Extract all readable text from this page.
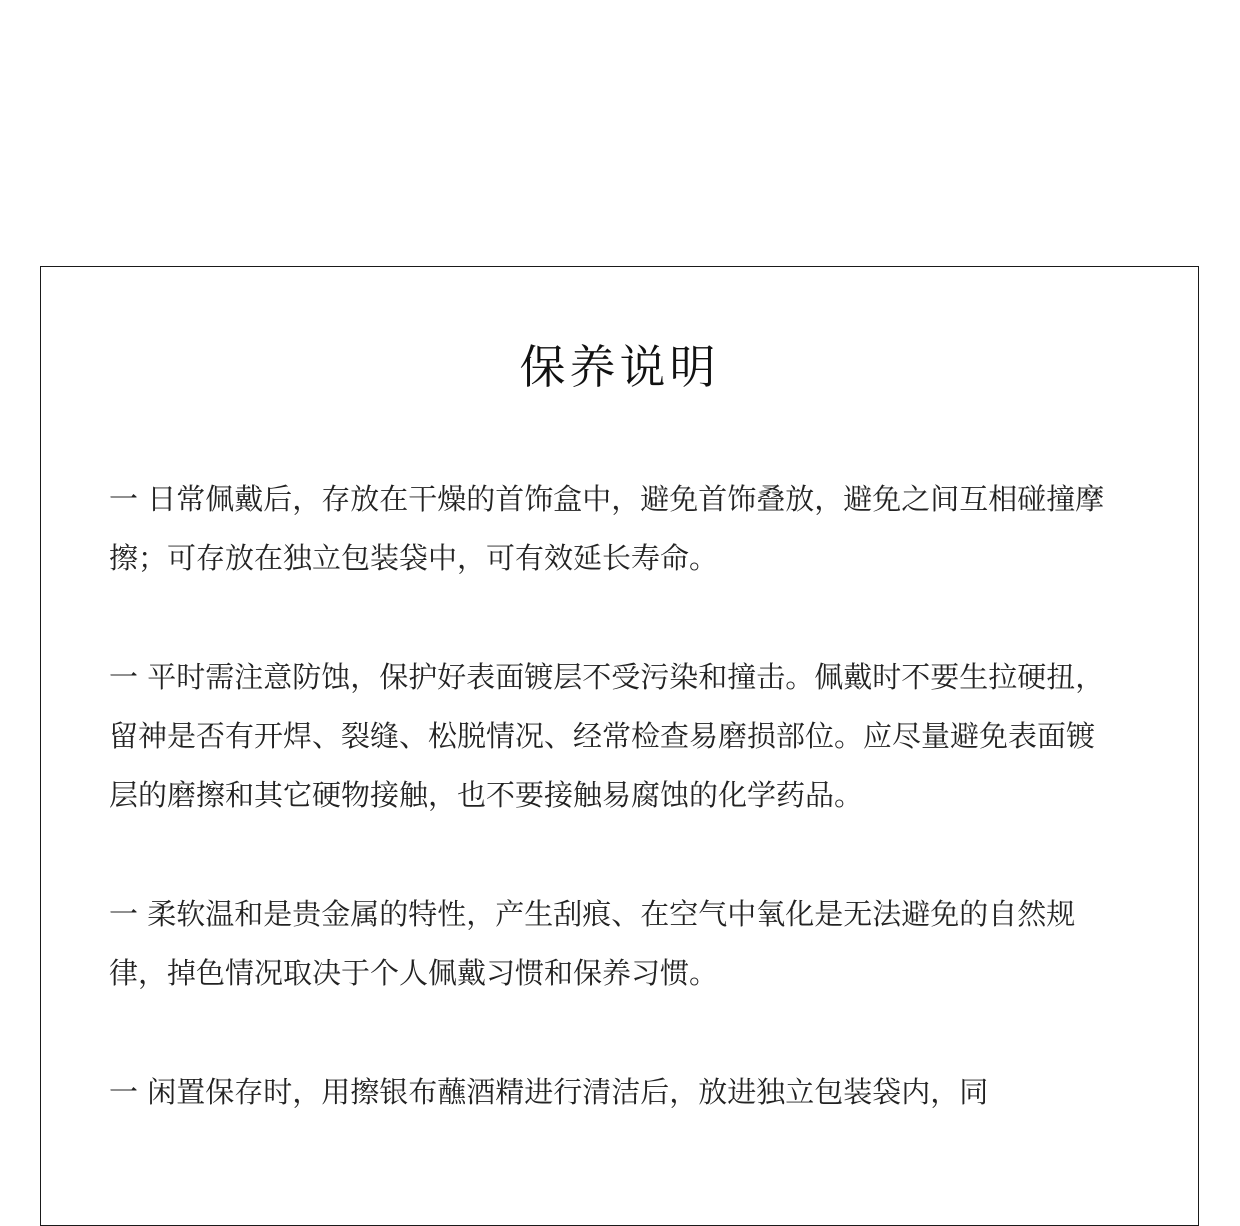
保养说明
一 日常佩戴后，存放在干燥的首饰盒中，避免首饰叠放，避免之间互相碰撞摩擦；可存放在独立包装袋中，可有效延长寿命。
一 平时需注意防蚀，保护好表面镀层不受污染和撞击。佩戴时不要生拉硬扭，留神是否有开焊、裂缝、松脱情况、经常检查易磨损部位。应尽量避免表面镀层的磨擦和其它硬物接触，也不要接触易腐蚀的化学药品。
一 柔软温和是贵金属的特性，产生刮痕、在空气中氧化是无法避免的自然规律，掉色情况取决于个人佩戴习惯和保养习惯。
一 闲置保存时，用擦银布蘸酒精进行清洁后，放进独立包装袋内，同
